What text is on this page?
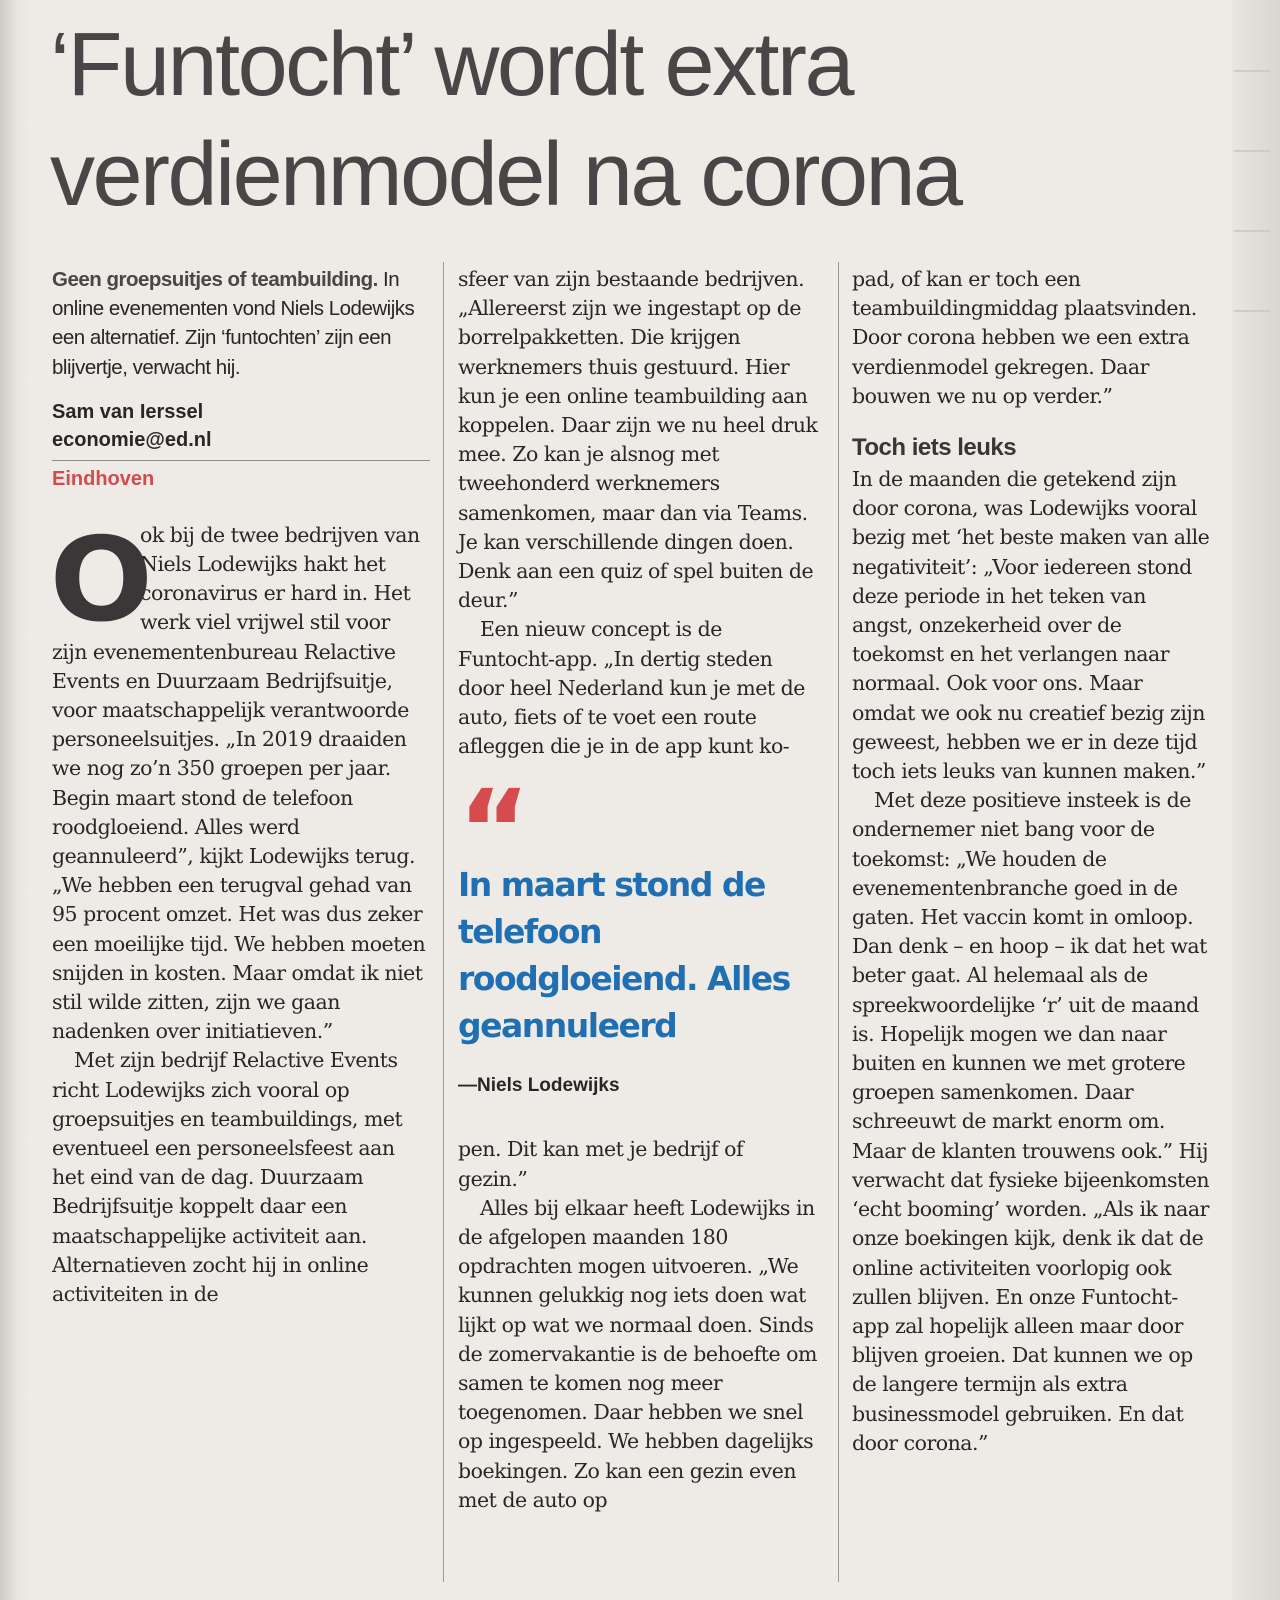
‘Funtocht’ wordt extra verdienmodel na corona

Geen groepsuitjes of teambuilding. In online evenementen vond Niels Lodewijks een alternatief. Zijn ‘funtochten’ zijn een blijvertje, verwacht hij.

Sam van Ierssel
economie@ed.nl
Eindhoven
O

ok bij de twee bedrijven van Niels Lodewijks hakt het coronavirus er hard in. Het werk viel vrijwel stil voor zijn evenementenbureau Relactive Events en Duurzaam Bedrijfsuitje, voor maatschappelijk verantwoorde personeelsuitjes. „In 2019 draaiden we nog zo’n 350 groepen per jaar. Begin maart stond de telefoon roodgloeiend. Alles werd geannuleerd”, kijkt Lodewijks terug. „We hebben een terugval gehad van 95 procent omzet. Het was dus zeker een moeilijke tijd. We hebben moeten snijden in kosten. Maar omdat ik niet stil wilde zitten, zijn we gaan nadenken over initiatieven.”

Met zijn bedrijf Relactive Events richt Lodewijks zich vooral op groepsuitjes en teambuildings, met eventueel een personeelsfeest aan het eind van de dag. Duurzaam Bedrijfsuitje koppelt daar een maatschappelijke activiteit aan. Alternatieven zocht hij in online activiteiten in de

sfeer van zijn bestaande bedrijven. „Allereerst zijn we ingestapt op de borrelpakketten. Die krijgen werknemers thuis gestuurd. Hier kun je een online teambuilding aan koppelen. Daar zijn we nu heel druk mee. Zo kan je alsnog met tweehonderd werknemers samenkomen, maar dan via Teams. Je kan verschillende dingen doen. Denk aan een quiz of spel buiten de deur.”

Een nieuw concept is de Funtocht-app. „In dertig steden door heel Nederland kun je met de auto, fiets of te voet een route afleggen die je in de app kunt ko-

“
In maart stond de telefoon roodgloeiend. Alles geannuleerd
—Niels Lodewijks

pen. Dit kan met je bedrijf of gezin.”

Alles bij elkaar heeft Lodewijks in de afgelopen maanden 180 opdrachten mogen uitvoeren. „We kunnen gelukkig nog iets doen wat lijkt op wat we normaal doen. Sinds de zomervakantie is de behoefte om samen te komen nog meer toegenomen. Daar hebben we snel op ingespeeld. We hebben dagelijks boekingen. Zo kan een gezin even met de auto op

pad, of kan er toch een teambuildingmiddag plaatsvinden. Door corona hebben we een extra verdienmodel gekregen. Daar bouwen we nu op verder.”

Toch iets leuks

In de maanden die getekend zijn door corona, was Lodewijks vooral bezig met ‘het beste maken van alle negativiteit’: „Voor iedereen stond deze periode in het teken van angst, onzekerheid over de toekomst en het verlangen naar normaal. Ook voor ons. Maar omdat we ook nu creatief bezig zijn geweest, hebben we er in deze tijd toch iets leuks van kunnen maken.”

Met deze positieve insteek is de ondernemer niet bang voor de toekomst: „We houden de evenementenbranche goed in de gaten. Het vaccin komt in omloop. Dan denk – en hoop – ik dat het wat beter gaat. Al helemaal als de spreekwoordelijke ‘r’ uit de maand is. Hopelijk mogen we dan naar buiten en kunnen we met grotere groepen samenkomen. Daar schreeuwt de markt enorm om. Maar de klanten trouwens ook.” Hij verwacht dat fysieke bijeenkomsten ‘echt booming’ worden. „Als ik naar onze boekingen kijk, denk ik dat de online activiteiten voorlopig ook zullen blijven. En onze Funtocht-app zal hopelijk alleen maar door blijven groeien. Dat kunnen we op de langere termijn als extra businessmodel gebruiken. En dat door corona.”
